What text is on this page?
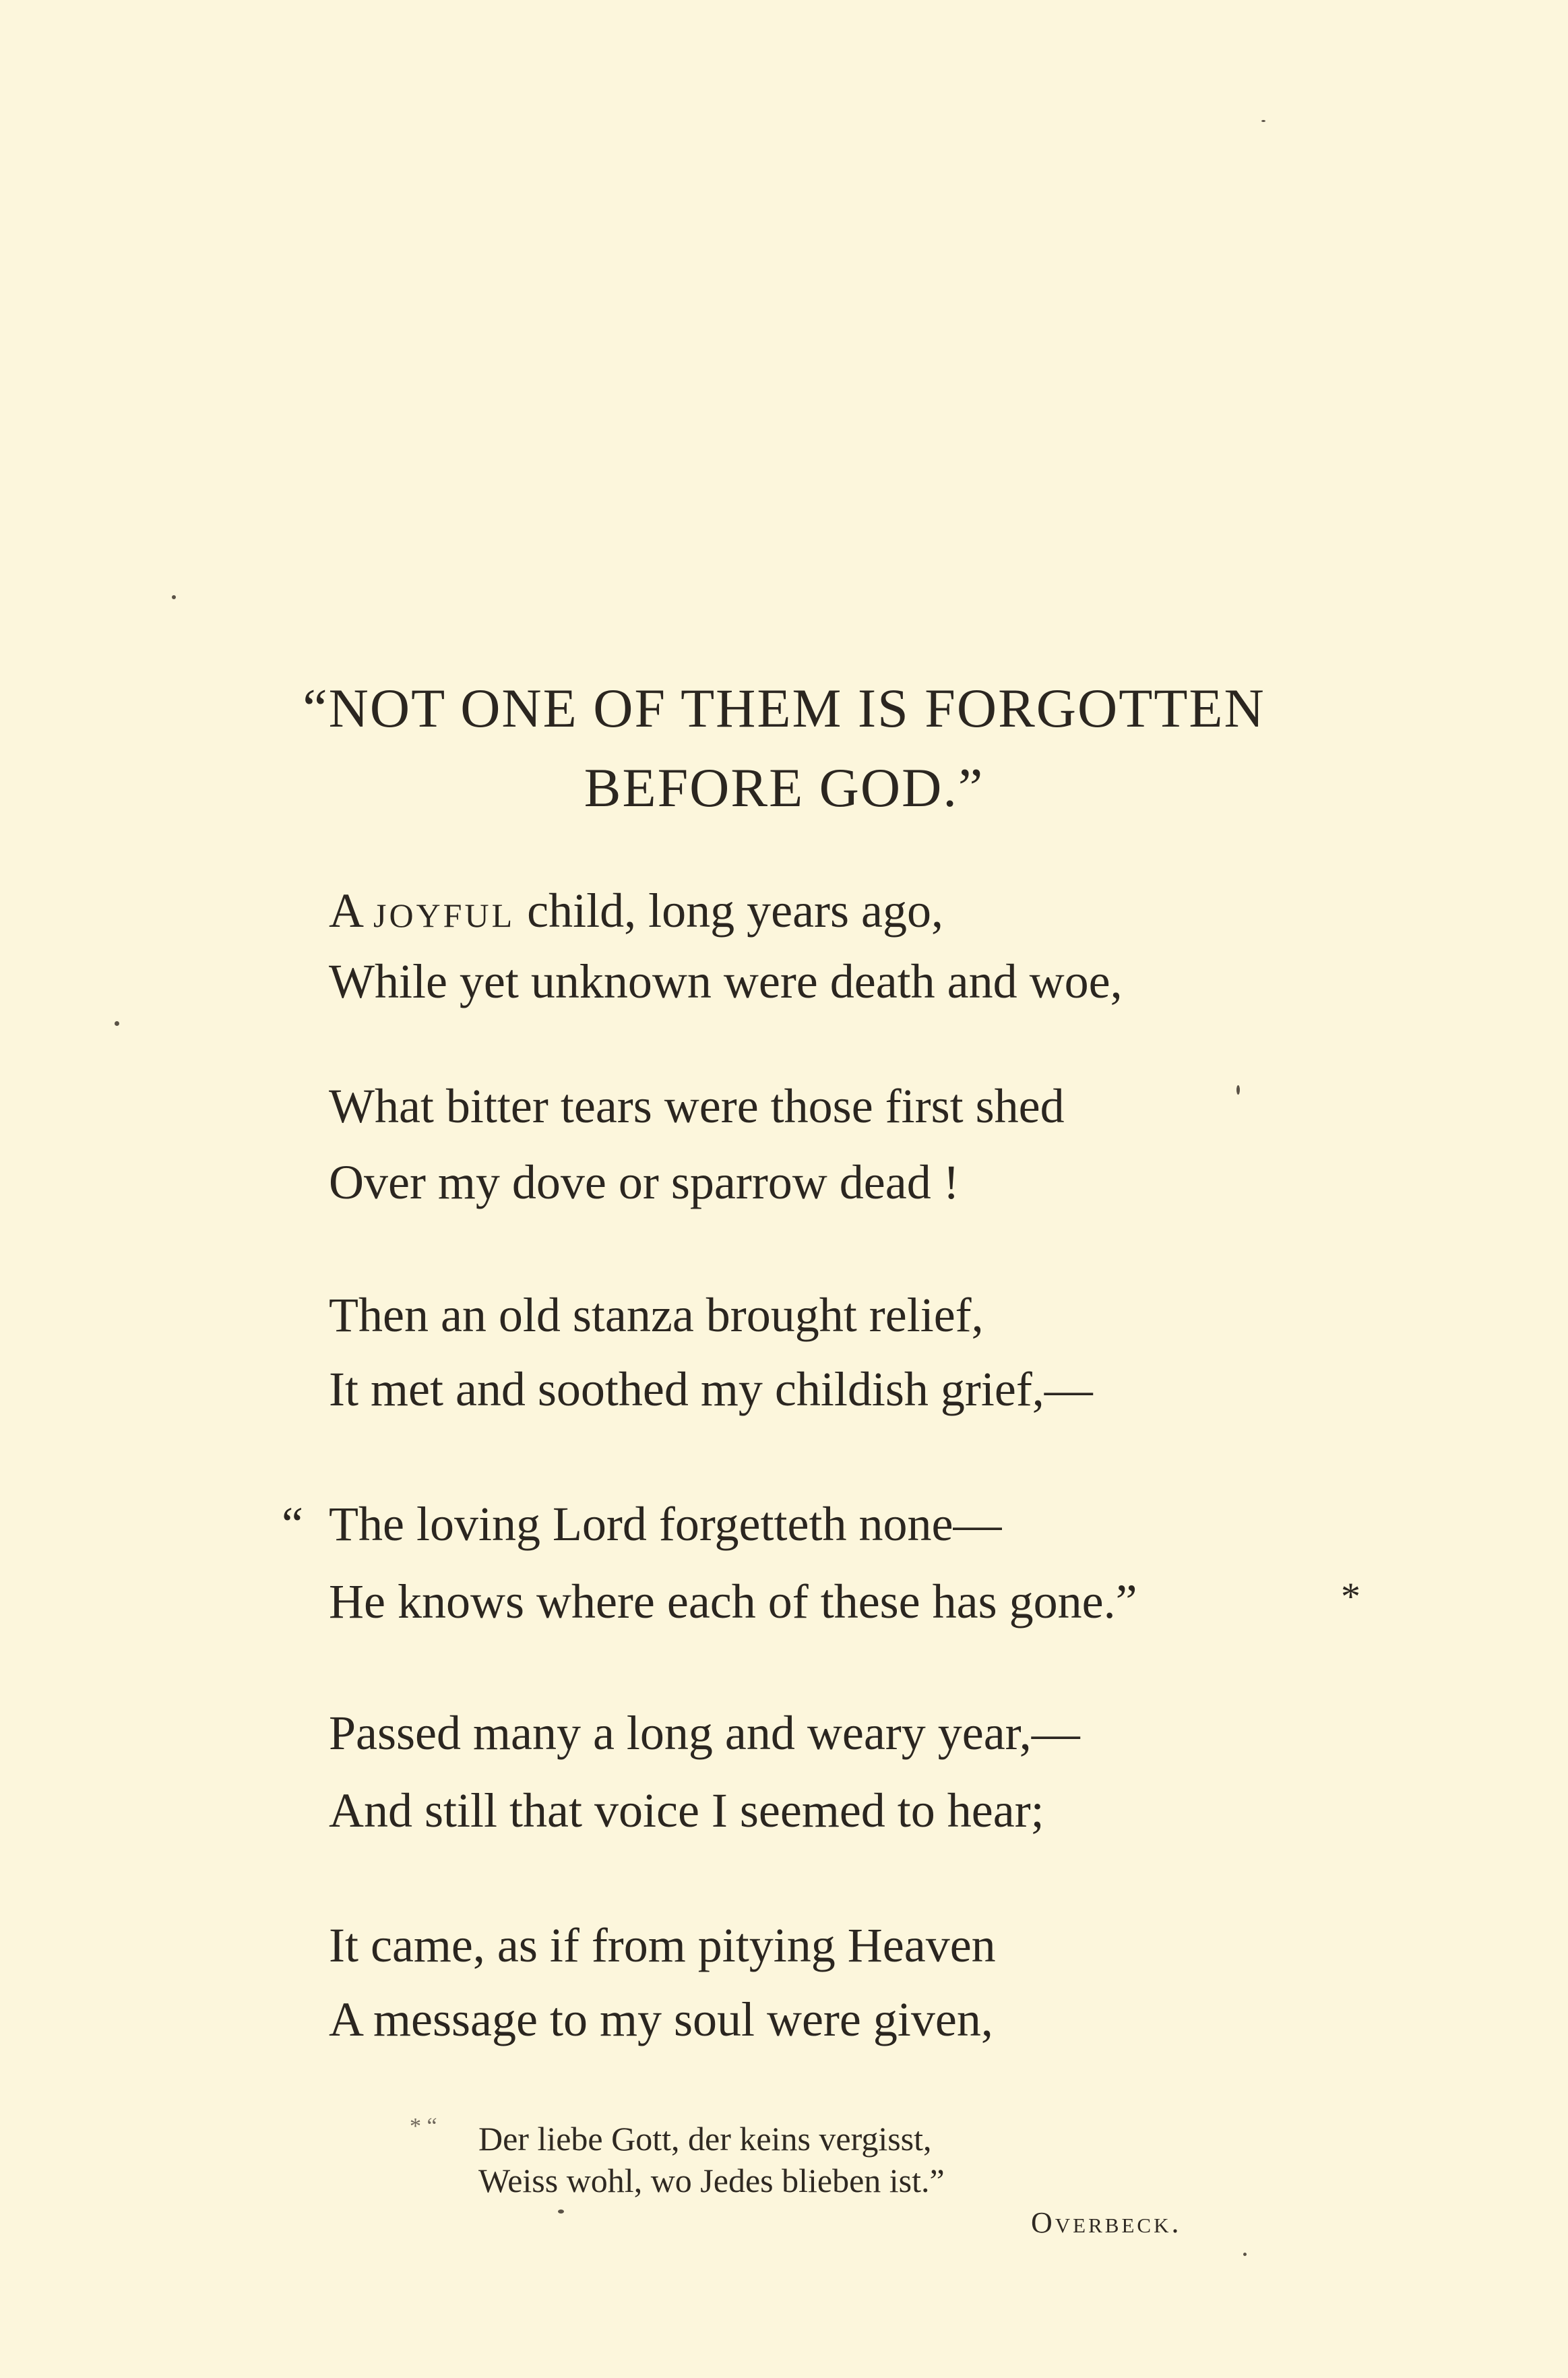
“NOT ONE OF THEM IS FORGOTTEN
BEFORE GOD.”
A joyful child, long years ago,
While yet unknown were death and woe,
What bitter tears were those first shed
Over my dove or sparrow dead !
Then an old stanza brought relief,
It met and soothed my childish grief,—
“ The loving Lord forgetteth none—
He knows where each of these has gone.”	*
Passed many a long and weary year,—
And still that voice I seemed to hear;
It came, as if from pitying Heaven
A message to my soul were given,
* “ Der liebe Gott, der keins vergisst,
Weiss wohl, wo Jedes blieben ist.”
Overbeck.
